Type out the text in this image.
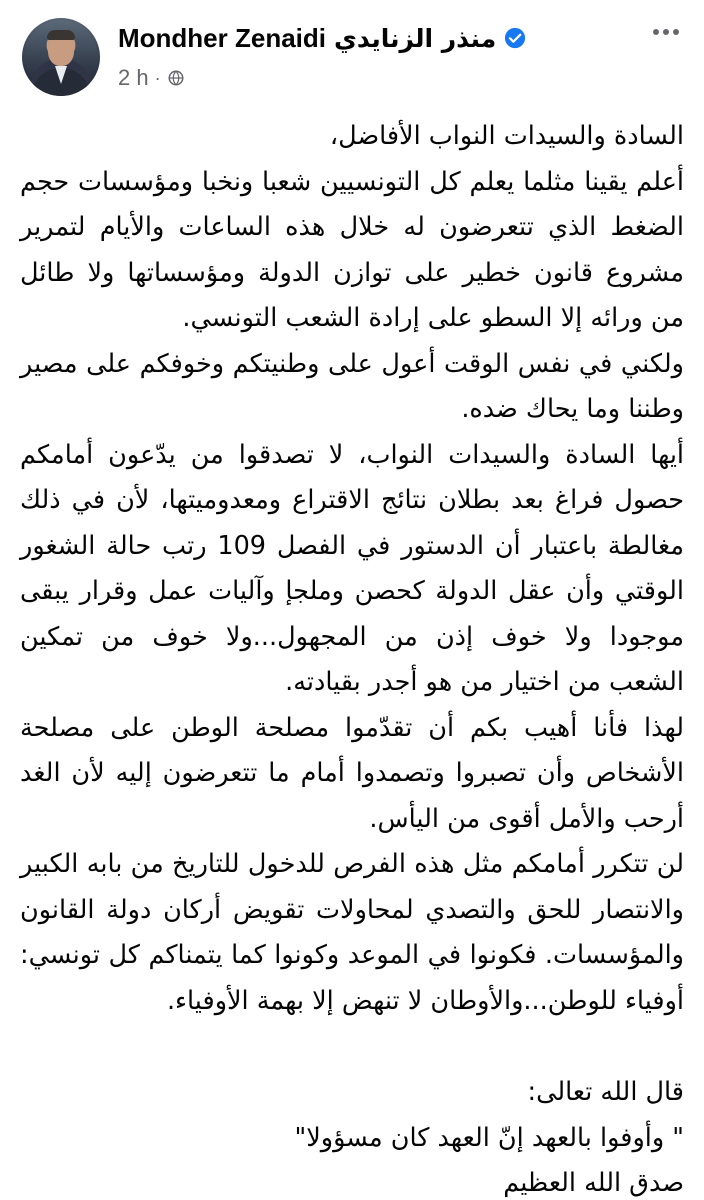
Mondher Zenaidi منذر الزنايدي
2 h ·

السادة والسيدات النواب الأفاضل،

أعلم يقينا مثلما يعلم كل التونسيين شعبا ونخبا ومؤسسات حجم الضغط الذي تتعرضون له خلال هذه الساعات والأيام لتمرير مشروع قانون خطير على توازن الدولة ومؤسساتها ولا طائل من ورائه إلا السطو على إرادة الشعب التونسي.

ولكني في نفس الوقت أعول على وطنيتكم وخوفكم على مصير وطننا وما يحاك ضده.

أيها السادة والسيدات النواب، لا تصدقوا من يدّعون أمامكم حصول فراغ بعد بطلان نتائج الاقتراع ومعدوميتها، لأن في ذلك مغالطة باعتبار أن الدستور في الفصل 109 رتب حالة الشغور الوقتي وأن عقل الدولة كحصن وملجإ وآليات عمل وقرار يبقى موجودا ولا خوف إذن من المجهول...ولا خوف من تمكين الشعب من اختيار من هو أجدر بقيادته.

لهذا فأنا أهيب بكم أن تقدّموا مصلحة الوطن على مصلحة الأشخاص وأن تصبروا وتصمدوا أمام ما تتعرضون إليه لأن الغد أرحب والأمل أقوى من اليأس.

لن تتكرر أمامكم مثل هذه الفرص للدخول للتاريخ من بابه الكبير والانتصار للحق والتصدي لمحاولات تقويض أركان دولة القانون والمؤسسات. فكونوا في الموعد وكونوا كما يتمناكم كل تونسي: أوفياء للوطن...والأوطان لا تنهض إلا بهمة الأوفياء.

قال الله تعالى:

" وأوفوا بالعهد إنّ العهد كان مسؤولا"

صدق الله العظيم
